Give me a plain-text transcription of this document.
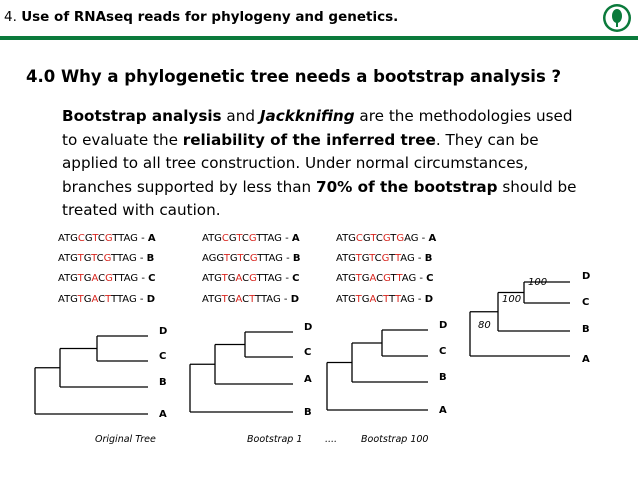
4. Use of RNAseq reads for phylogeny and genetics.
4.0 Why a phylogenetic tree needs a bootstrap analysis ?
Bootstrap analysis and Jackknifing are the methodologies used to evaluate the reliability of the inferred tree. They can be applied to all tree construction. Under normal circumstances, branches supported by less than 70% of the bootstrap should be treated with caution.
ATGCGTCGTTAG - A
ATGTGTCGTTAG - B
ATGTGACGTTAG - C
ATGTGACTTTAG - D
ATGCGTCGTTAG - A
AGGTGTCGTTAG - B
ATGTGACGTTAG - C
ATGTGACTTTAG - D
ATGCGTCGTGAG - A
ATGTGTCGTTAG - B
ATGTGACGTTAG - C
ATGTGACTTTAG - D
D
C
B
A
D
C
A
B
D
C
B
A
D
C
B
A
100
100
80
Original Tree	Bootstrap 1 ....	Bootstrap 100
